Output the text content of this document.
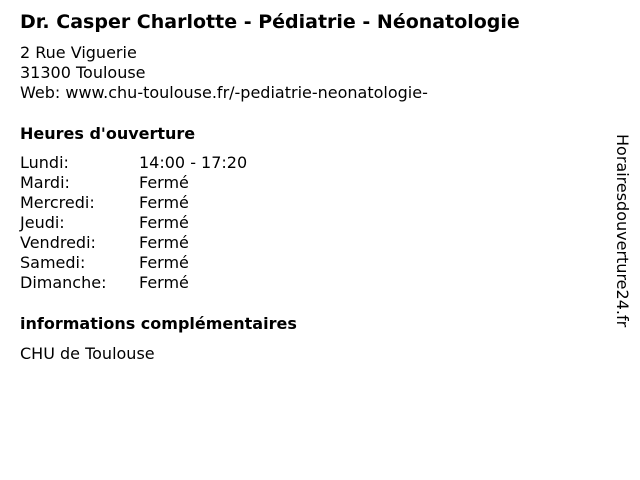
Dr. Casper Charlotte - Pédiatrie - Néonatologie
2 Rue Viguerie
31300 Toulouse
Web: www.chu-toulouse.fr/-pediatrie-neonatologie-
Heures d'ouverture
Lundi:	14:00 - 17:20
Mardi:	Fermé
Mercredi:	Fermé
Jeudi:	Fermé
Vendredi:	Fermé
Samedi:	Fermé
Dimanche:	Fermé
informations complémentaires
CHU de Toulouse
Horairesdouverture24.fr
